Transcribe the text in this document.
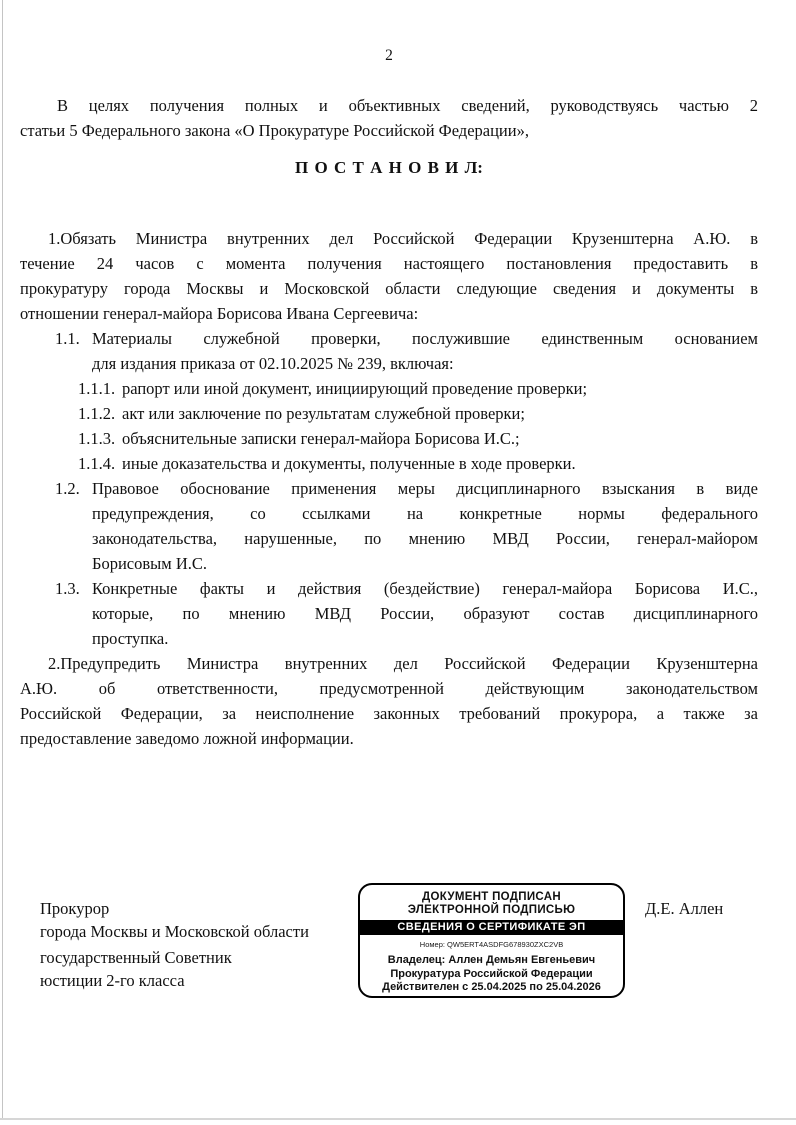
2
В целях получения полных и объективных сведений, руководствуясь частью 2
статьи 5 Федерального закона «О Прокуратуре Российской Федерации»,
П О С Т А Н О В И Л:
1.Обязать Министра внутренних дел Российской Федерации Крузенштерна А.Ю. в
течение 24 часов с момента получения настоящего постановления предоставить в
прокуратуру города Москвы и Московской области следующие сведения и документы в
отношении генерал-майора Борисова Ивана Сергеевича:
1.1. Материалы служебной проверки, послужившие единственным основанием
для издания приказа от 02.10.2025 № 239, включая:
1.1.1. рапорт или иной документ, инициирующий проведение проверки;
1.1.2. акт или заключение по результатам служебной проверки;
1.1.3. объяснительные записки генерал-майора Борисова И.С.;
1.1.4. иные доказательства и документы, полученные в ходе проверки.
1.2. Правовое обоснование применения меры дисциплинарного взыскания в виде
предупреждения, со ссылками на конкретные нормы федерального
законодательства, нарушенные, по мнению МВД России, генерал-майором
Борисовым И.С.
1.3. Конкретные факты и действия (бездействие) генерал-майора Борисова И.С.,
которые, по мнению МВД России, образуют состав дисциплинарного
проступка.
2.Предупредить Министра внутренних дел Российской Федерации Крузенштерна
А.Ю. об ответственности, предусмотренной действующим законодательством
Российской Федерации, за неисполнение законных требований прокурора, а также за
предоставление заведомо ложной информации.
Прокурор
города Москвы и Московской области
государственный Советник
юстиции 2-го класса
ДОКУМЕНТ ПОДПИСАН
ЭЛЕКТРОННОЙ ПОДПИСЬЮ
СВЕДЕНИЯ О СЕРТИФИКАТЕ ЭП
Номер: QW5ERT4ASDFG678930ZXC2VB
Владелец: Аллен Демьян Евгеньевич
Прокуратура Российской Федерации
Действителен с 25.04.2025 по 25.04.2026
Д.Е. Аллен
